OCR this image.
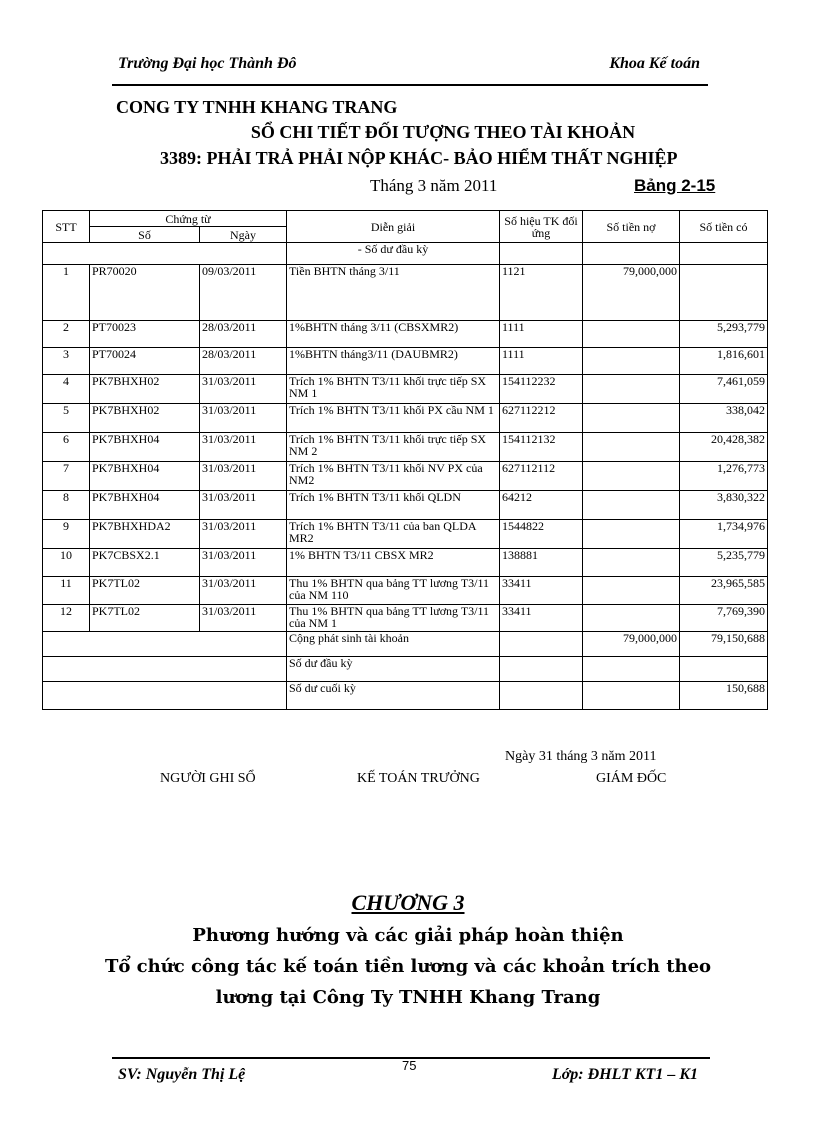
Trường Đại học Thành Đô	Khoa Kế toán
CONG TY TNHH KHANG TRANG
SỔ CHI TIẾT ĐỐI TƯỢNG THEO TÀI KHOẢN
3389: PHẢI TRẢ PHẢI NỘP KHÁC- BẢO HIỂM THẤT NGHIỆP
Tháng 3 năm 2011	Bảng 2-15
STT	Chứng từ		Diễn giải	Số hiệu TK đối ứng	Số tiền nợ	Số tiền có
	Số	Ngày				
			- Số dư đầu kỳ			
1	PR70020	09/03/2011	Tiền BHTN tháng 3/11	1121	79,000,000	
2	PT70023	28/03/2011	1%BHTN tháng 3/11 (CBSXMR2)	1111		5,293,779
3	PT70024	28/03/2011	1%BHTN tháng3/11 (DAUBMR2)	1111		1,816,601
4	PK7BHXH02	31/03/2011	Trích 1% BHTN T3/11 khối trực tiếp SX NM 1	154112232		7,461,059
5	PK7BHXH02	31/03/2011	Trích 1% BHTN T3/11 khối PX cầu NM 1	627112212		338,042
6	PK7BHXH04	31/03/2011	Trích 1% BHTN T3/11 khối trực tiếp SX NM 2	154112132		20,428,382
7	PK7BHXH04	31/03/2011	Trích 1% BHTN T3/11 khối NV PX của NM2	627112112		1,276,773
8	PK7BHXH04	31/03/2011	Trích 1% BHTN T3/11 khối QLDN	64212		3,830,322
9	PK7BHXHDA2	31/03/2011	Trích 1% BHTN T3/11 của ban QLDA MR2	1544822		1,734,976
10	PK7CBSX2.1	31/03/2011	1% BHTN T3/11 CBSX MR2	138881		5,235,779
11	PK7TL02	31/03/2011	Thu 1% BHTN qua bảng TT lương T3/11 của NM 110	33411		23,965,585
12	PK7TL02	31/03/2011	Thu 1% BHTN qua bảng TT lương T3/11 của NM 1	33411		7,769,390
			Cộng phát sinh tài khoản		79,000,000	79,150,688
			Số dư đầu kỳ			
			Số dư cuối kỳ			150,688
Ngày 31 tháng 3 năm 2011
NGƯỜI GHI SỔ	KẾ TOÁN TRƯỞNG	GIÁM ĐỐC
CHƯƠNG 3
Phương hướng và các giải pháp hoàn thiện
Tổ chức công tác kế toán tiền lương và các khoản trích theo
lương tại Công Ty TNHH Khang Trang
SV: Nguyễn Thị Lệ
75
Lớp: ĐHLT KT1 – K1
